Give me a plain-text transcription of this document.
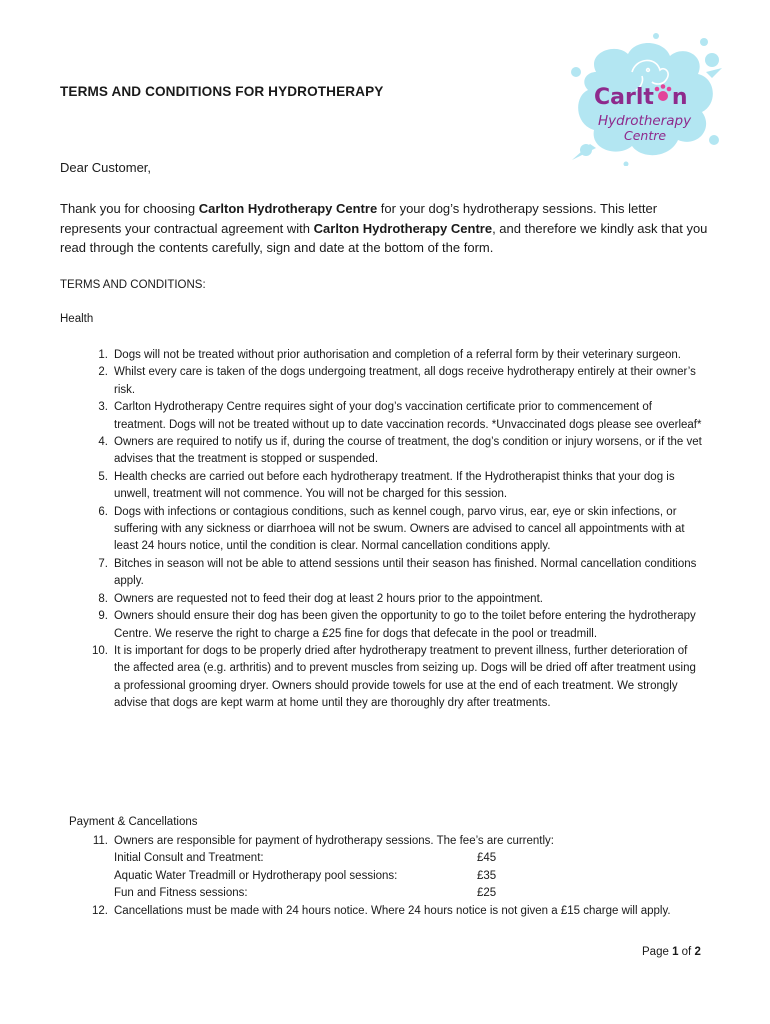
TERMS AND CONDITIONS FOR HYDROTHERAPY	Carlt n
Hydrotherapy
Centre
Dear Customer,
Thank you for choosing Carlton Hydrotherapy Centre for your dog’s hydrotherapy sessions. This letter represents your contractual agreement with Carlton Hydrotherapy Centre, and therefore we kindly ask that you read through the contents carefully, sign and date at the bottom of the form.
TERMS AND CONDITIONS:
Health
1. Dogs will not be treated without prior authorisation and completion of a referral form by their veterinary surgeon.
2. Whilst every care is taken of the dogs undergoing treatment, all dogs receive hydrotherapy entirely at their owner’s risk.
3. Carlton Hydrotherapy Centre requires sight of your dog’s vaccination certificate prior to commencement of treatment. Dogs will not be treated without up to date vaccination records. *Unvaccinated dogs please see overleaf*
4. Owners are required to notify us if, during the course of treatment, the dog’s condition or injury worsens, or if the vet advises that the treatment is stopped or suspended.
5. Health checks are carried out before each hydrotherapy treatment. If the Hydrotherapist thinks that your dog is unwell, treatment will not commence. You will not be charged for this session.
6. Dogs with infections or contagious conditions, such as kennel cough, parvo virus, ear, eye or skin infections, or suffering with any sickness or diarrhoea will not be swum. Owners are advised to cancel all appointments with at least 24 hours notice, until the condition is clear. Normal cancellation conditions apply.
7. Bitches in season will not be able to attend sessions until their season has finished. Normal cancellation conditions apply.
8. Owners are requested not to feed their dog at least 2 hours prior to the appointment.
9. Owners should ensure their dog has been given the opportunity to go to the toilet before entering the hydrotherapy Centre. We reserve the right to charge a £25 fine for dogs that defecate in the pool or treadmill.
10. It is important for dogs to be properly dried after hydrotherapy treatment to prevent illness, further deterioration of the affected area (e.g. arthritis) and to prevent muscles from seizing up. Dogs will be dried off after treatment using a professional grooming dryer. Owners should provide towels for use at the end of each treatment. We strongly advise that dogs are kept warm at home until they are thoroughly dry after treatments.
Payment & Cancellations
11. Owners are responsible for payment of hydrotherapy sessions. The fee’s are currently:
Initial Consult and Treatment:	£45
Aquatic Water Treadmill or Hydrotherapy pool sessions:	£35
Fun and Fitness sessions:	£25
12. Cancellations must be made with 24 hours notice. Where 24 hours notice is not given a £15 charge will apply.
Page 1 of 2
